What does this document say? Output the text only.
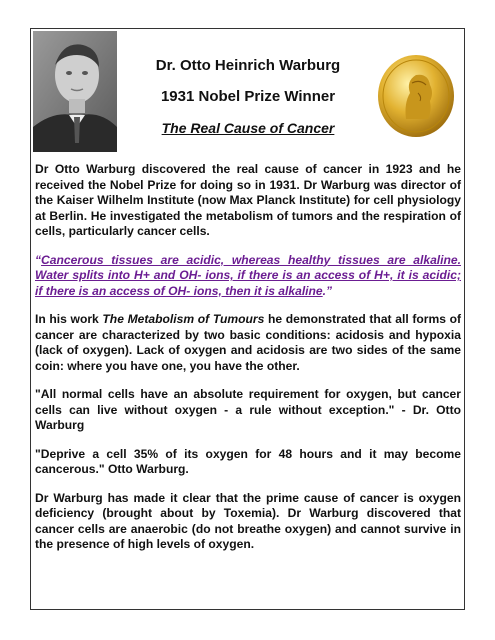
Dr. Otto Heinrich Warburg

1931 Nobel Prize Winner

The Real Cause of Cancer

Dr Otto Warburg discovered the real cause of cancer in 1923 and he received the Nobel Prize for doing so in 1931. Dr Warburg was director of the Kaiser Wilhelm Institute (now Max Planck Institute) for cell physiology at Berlin. He investigated the metabolism of tumors and the respiration of cells, particularly cancer cells.

“Cancerous tissues are acidic, whereas healthy tissues are alkaline. Water splits into H+ and OH- ions, if there is an access of H+, it is acidic; if there is an access of OH- ions, then it is alkaline.”

In his work The Metabolism of Tumours he demonstrated that all forms of cancer are characterized by two basic conditions: acidosis and hypoxia (lack of oxygen). Lack of oxygen and acidosis are two sides of the same coin: where you have one, you have the other.

"All normal cells have an absolute requirement for oxygen, but cancer cells can live without oxygen - a rule without exception." - Dr. Otto Warburg

"Deprive a cell 35% of its oxygen for 48 hours and it may become cancerous." Otto Warburg.

Dr Warburg has made it clear that the prime cause of cancer is oxygen deficiency (brought about by Toxemia). Dr Warburg discovered that cancer cells are anaerobic (do not breathe oxygen) and cannot survive in the presence of high levels of oxygen.
